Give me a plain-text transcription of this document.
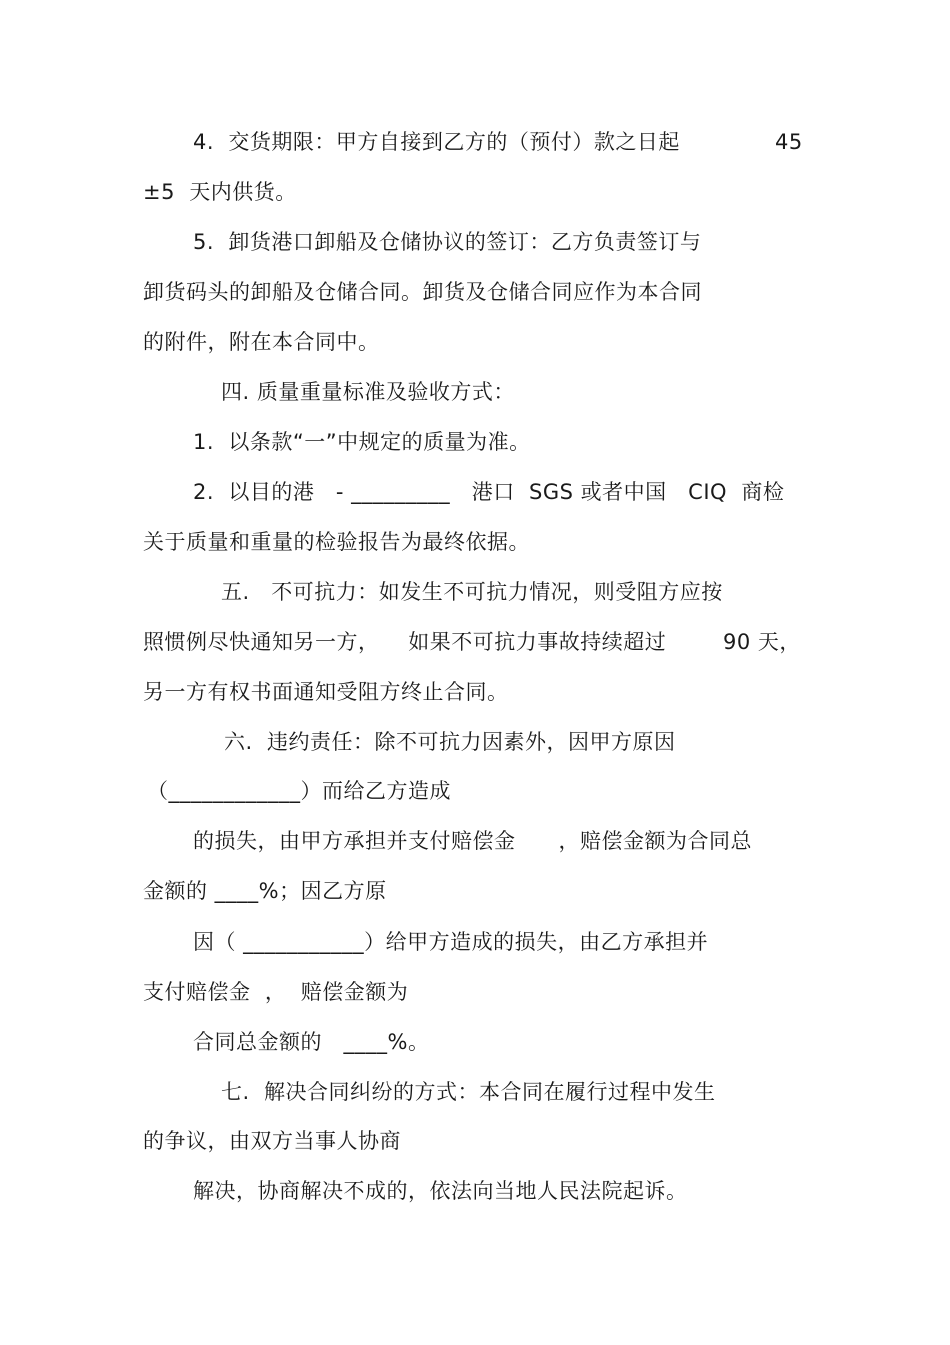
4.  交货期限：甲方自接到乙方的（预付）款之日起	45
±5  天内供货。
5.  卸货港口卸船及仓储协议的签订：乙方负责签订与
卸货码头的卸船及仓储合同。卸货及仓储合同应作为本合同
的附件，附在本合同中。
四. 质量重量标准及验收方式：
1.  以条款“一”中规定的质量为准。
2.  以目的港   - _________   港口  SGS 或者中国   CIQ  商检
关于质量和重量的检验报告为最终依据。
五.   不可抗力：如发生不可抗力情况，则受阻方应按
照惯例尽快通知另一方，    如果不可抗力事故持续超过	90 天，
另一方有权书面通知受阻方终止合同。
六.  违约责任：除不可抗力因素外，因甲方原因
（____________）而给乙方造成
的损失，由甲方承担并支付赔偿金      ，赔偿金额为合同总
金额的 ____%；因乙方原
因（ ___________）给甲方造成的损失，由乙方承担并
支付赔偿金  ，  赔偿金额为
合同总金额的   ____%。
七.  解决合同纠纷的方式：本合同在履行过程中发生
的争议，由双方当事人协商
解决，协商解决不成的，依法向当地人民法院起诉。
